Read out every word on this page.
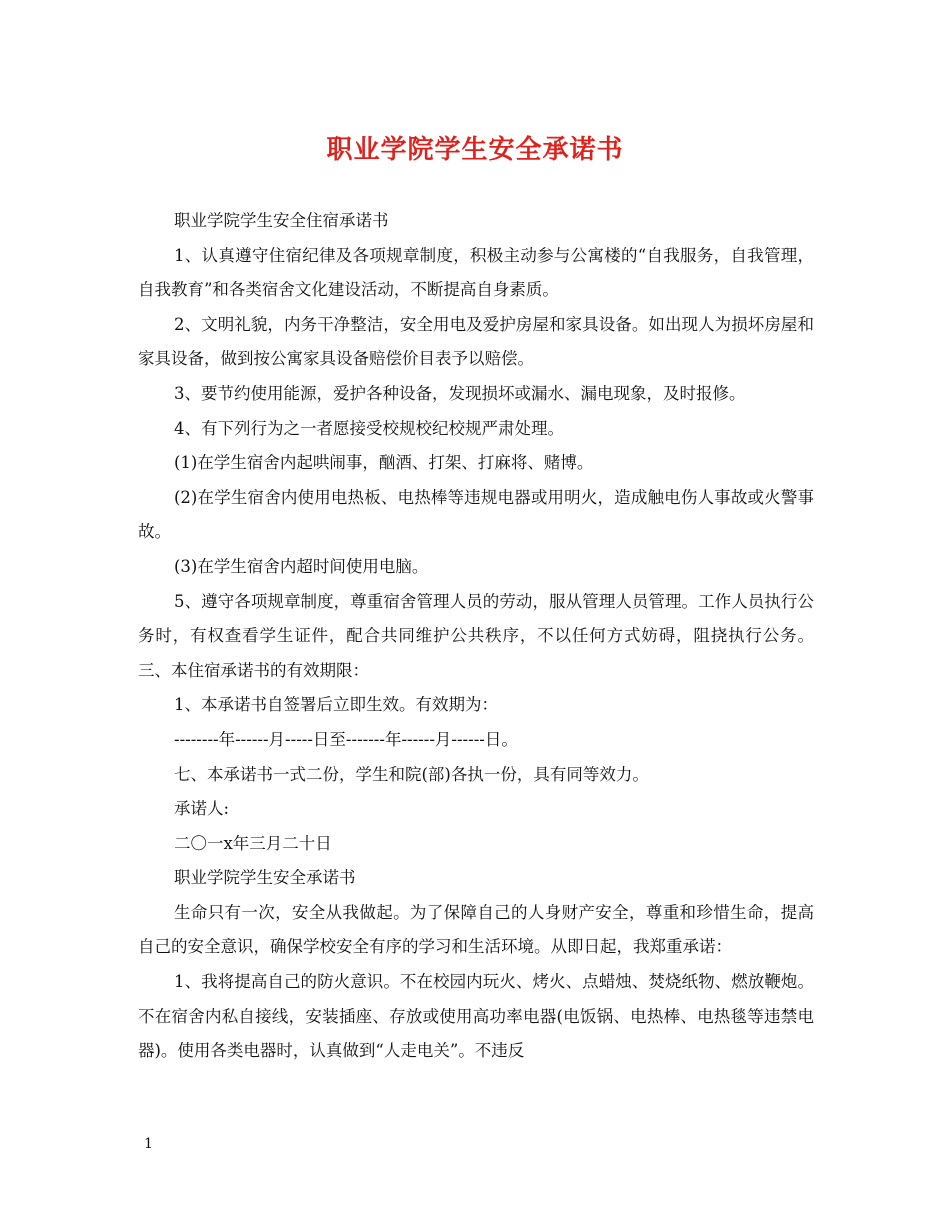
职业学院学生安全承诺书

职业学院学生安全住宿承诺书

1、认真遵守住宿纪律及各项规章制度，积极主动参与公寓楼的“自我服务，自我管理，自我教育”和各类宿舍文化建设活动，不断提高自身素质。

2、文明礼貌，内务干净整洁，安全用电及爱护房屋和家具设备。如出现人为损坏房屋和家具设备，做到按公寓家具设备赔偿价目表予以赔偿。

3、要节约使用能源，爱护各种设备，发现损坏或漏水、漏电现象，及时报修。

4、有下列行为之一者愿接受校规校纪校规严肃处理。

(1)在学生宿舍内起哄闹事，酗酒、打架、打麻将、赌博。

(2)在学生宿舍内使用电热板、电热棒等违规电器或用明火，造成触电伤人事故或火警事故。

(3)在学生宿舍内超时间使用电脑。

5、遵守各项规章制度，尊重宿舍管理人员的劳动，服从管理人员管理。工作人员执行公务时，有权查看学生证件，配合共同维护公共秩序，不以任何方式妨碍，阻挠执行公务。三、本住宿承诺书的有效期限：

1、本承诺书自签署后立即生效。有效期为：

--------年------月-----日至-------年------月------日。

七、本承诺书一式二份，学生和院(部)各执一份，具有同等效力。

承诺人:

二〇一x年三月二十日

职业学院学生安全承诺书

生命只有一次，安全从我做起。为了保障自己的人身财产安全，尊重和珍惜生命，提高自己的安全意识，确保学校安全有序的学习和生活环境。从即日起，我郑重承诺：

1、我将提高自己的防火意识。不在校园内玩火、烤火、点蜡烛、焚烧纸物、燃放鞭炮。不在宿舍内私自接线，安装插座、存放或使用高功率电器(电饭锅、电热棒、电热毯等违禁电器)。使用各类电器时，认真做到“人走电关”。不违反

1
